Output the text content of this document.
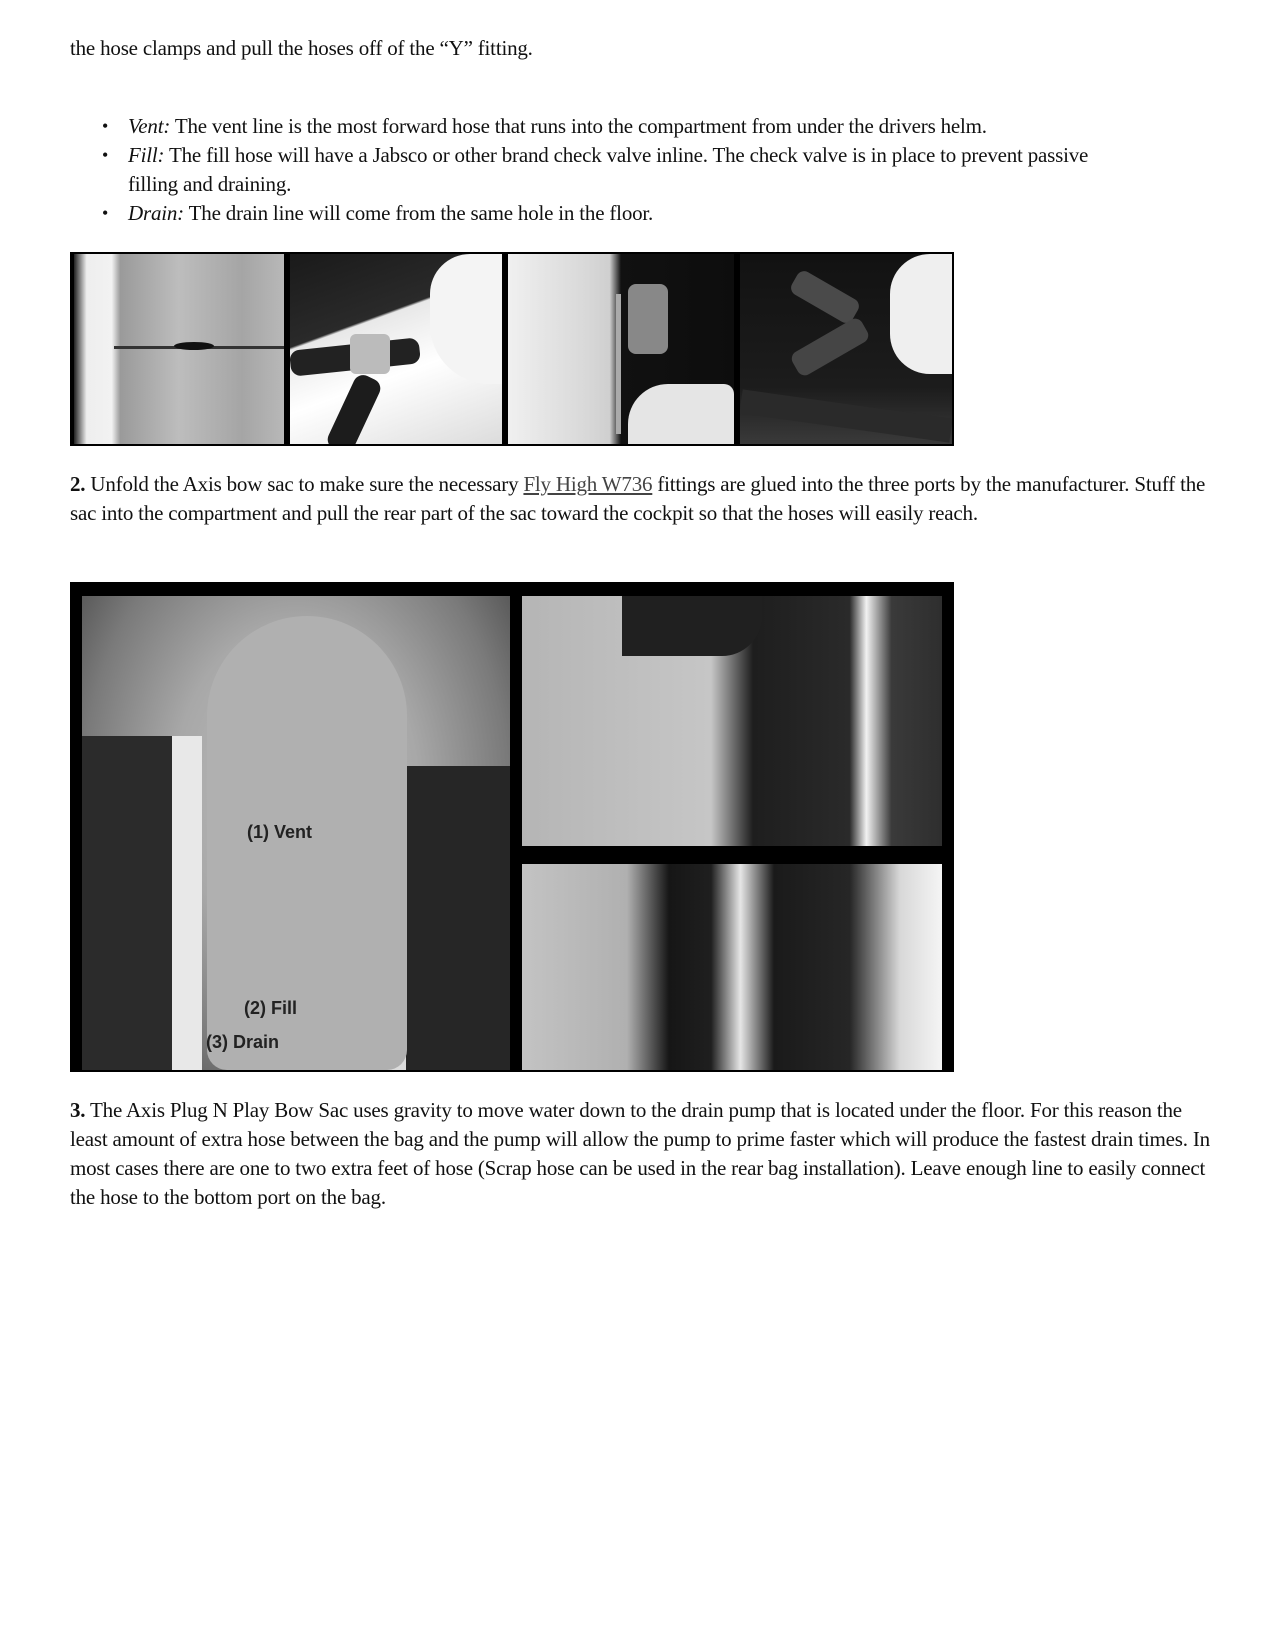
the hose clamps and pull the hoses off of the “Y” fitting.

• Vent: The vent line is the most forward hose that runs into the compartment from under the drivers helm.
• Fill: The fill hose will have a Jabsco or other brand check valve inline. The check valve is in place to prevent passive filling and draining.
• Drain: The drain line will come from the same hole in the floor.

2. Unfold the Axis bow sac to make sure the necessary Fly High W736 fittings are glued into the three ports by the manufacturer. Stuff the sac into the compartment and pull the rear part of the sac toward the cockpit so that the hoses will easily reach.

(1) Vent
(2) Fill
(3) Drain

3. The Axis Plug N Play Bow Sac uses gravity to move water down to the drain pump that is located under the floor. For this reason the least amount of extra hose between the bag and the pump will allow the pump to prime faster which will produce the fastest drain times. In most cases there are one to two extra feet of hose (Scrap hose can be used in the rear bag installation). Leave enough line to easily connect the hose to the bottom port on the bag.
